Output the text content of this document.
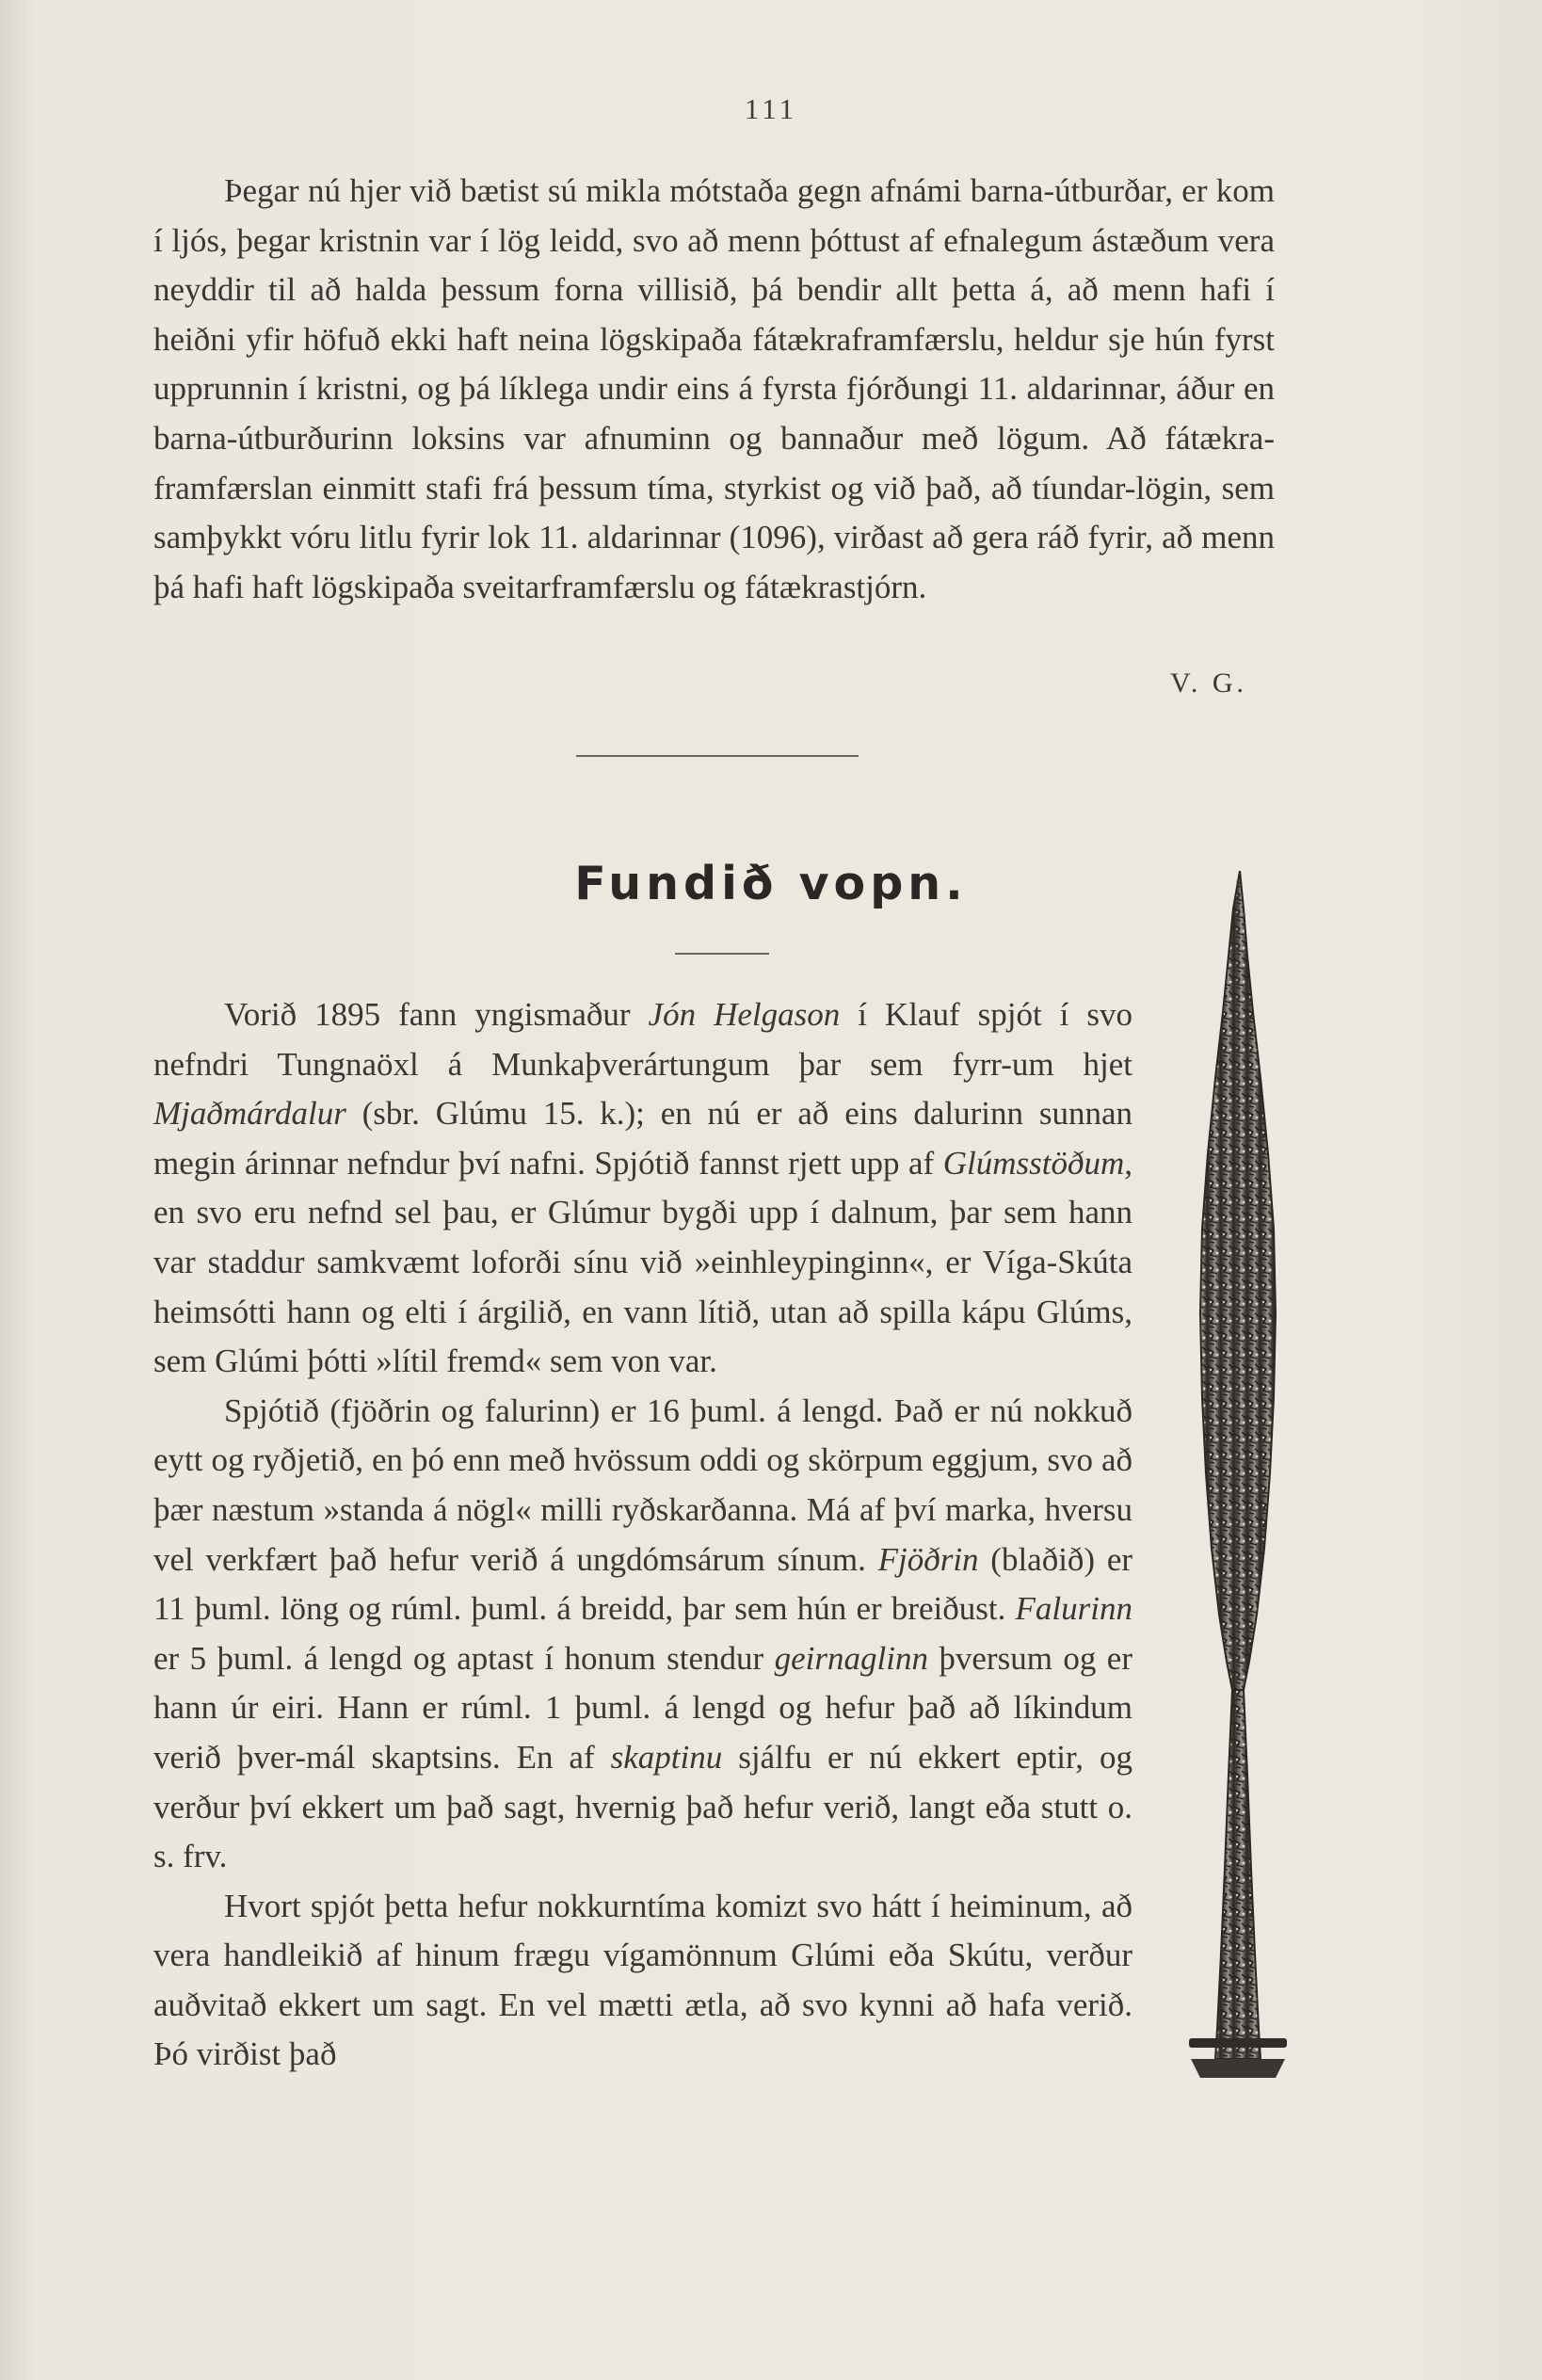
111

Þegar nú hjer við bætist sú mikla mótstaða gegn afnámi barna-útburðar, er kom í ljós, þegar kristnin var í lög leidd, svo að menn þóttust af efnalegum ástæðum vera neyddir til að halda þessum forna villisið, þá bendir allt þetta á, að menn hafi í heiðni yfir höfuð ekki haft neina lögskipaða fátækraframfærslu, heldur sje hún fyrst upprunnin í kristni, og þá líklega undir eins á fyrsta fjórðungi 11. aldarinnar, áður en barna-útburðurinn loksins var afnuminn og bannaður með lögum. Að fátækra-framfærslan einmitt stafi frá þessum tíma, styrkist og við það, að tíundar-lögin, sem samþykkt vóru litlu fyrir lok 11. aldarinnar (1096), virðast að gera ráð fyrir, að menn þá hafi haft lögskipaða sveitarframfærslu og fátækrastjórn.

V. G.
Fundið vopn.

Vorið 1895 fann yngismaður Jón Helgason í Klauf spjót í svo nefndri Tungnaöxl á Munkaþverártungum þar sem fyrr-um hjet Mjaðmárdalur (sbr. Glúmu 15. k.); en nú er að eins dalurinn sunnan megin árinnar nefndur því nafni. Spjótið fannst rjett upp af Glúmsstöðum, en svo eru nefnd sel þau, er Glúmur bygði upp í dalnum, þar sem hann var staddur samkvæmt loforði sínu við »einhleypinginn«, er Víga-Skúta heimsótti hann og elti í árgilið, en vann lítið, utan að spilla kápu Glúms, sem Glúmi þótti »lítil fremd« sem von var.

Spjótið (fjöðrin og falurinn) er 16 þuml. á lengd. Það er nú nokkuð eytt og ryðjetið, en þó enn með hvössum oddi og skörpum eggjum, svo að þær næstum »standa á nögl« milli ryðskarðanna. Má af því marka, hversu vel verkfært það hefur verið á ungdómsárum sínum. Fjöðrin (blaðið) er 11 þuml. löng og rúml. þuml. á breidd, þar sem hún er breiðust. Falurinn er 5 þuml. á lengd og aptast í honum stendur geirnaglinn þversum og er hann úr eiri. Hann er rúml. 1 þuml. á lengd og hefur það að líkindum verið þver-mál skaptsins. En af skaptinu sjálfu er nú ekkert eptir, og verður því ekkert um það sagt, hvernig það hefur verið, langt eða stutt o. s. frv.

Hvort spjót þetta hefur nokkurntíma komizt svo hátt í heiminum, að vera handleikið af hinum frægu vígamönnum Glúmi eða Skútu, verður auðvitað ekkert um sagt. En vel mætti ætla, að svo kynni að hafa verið. Þó virðist það
